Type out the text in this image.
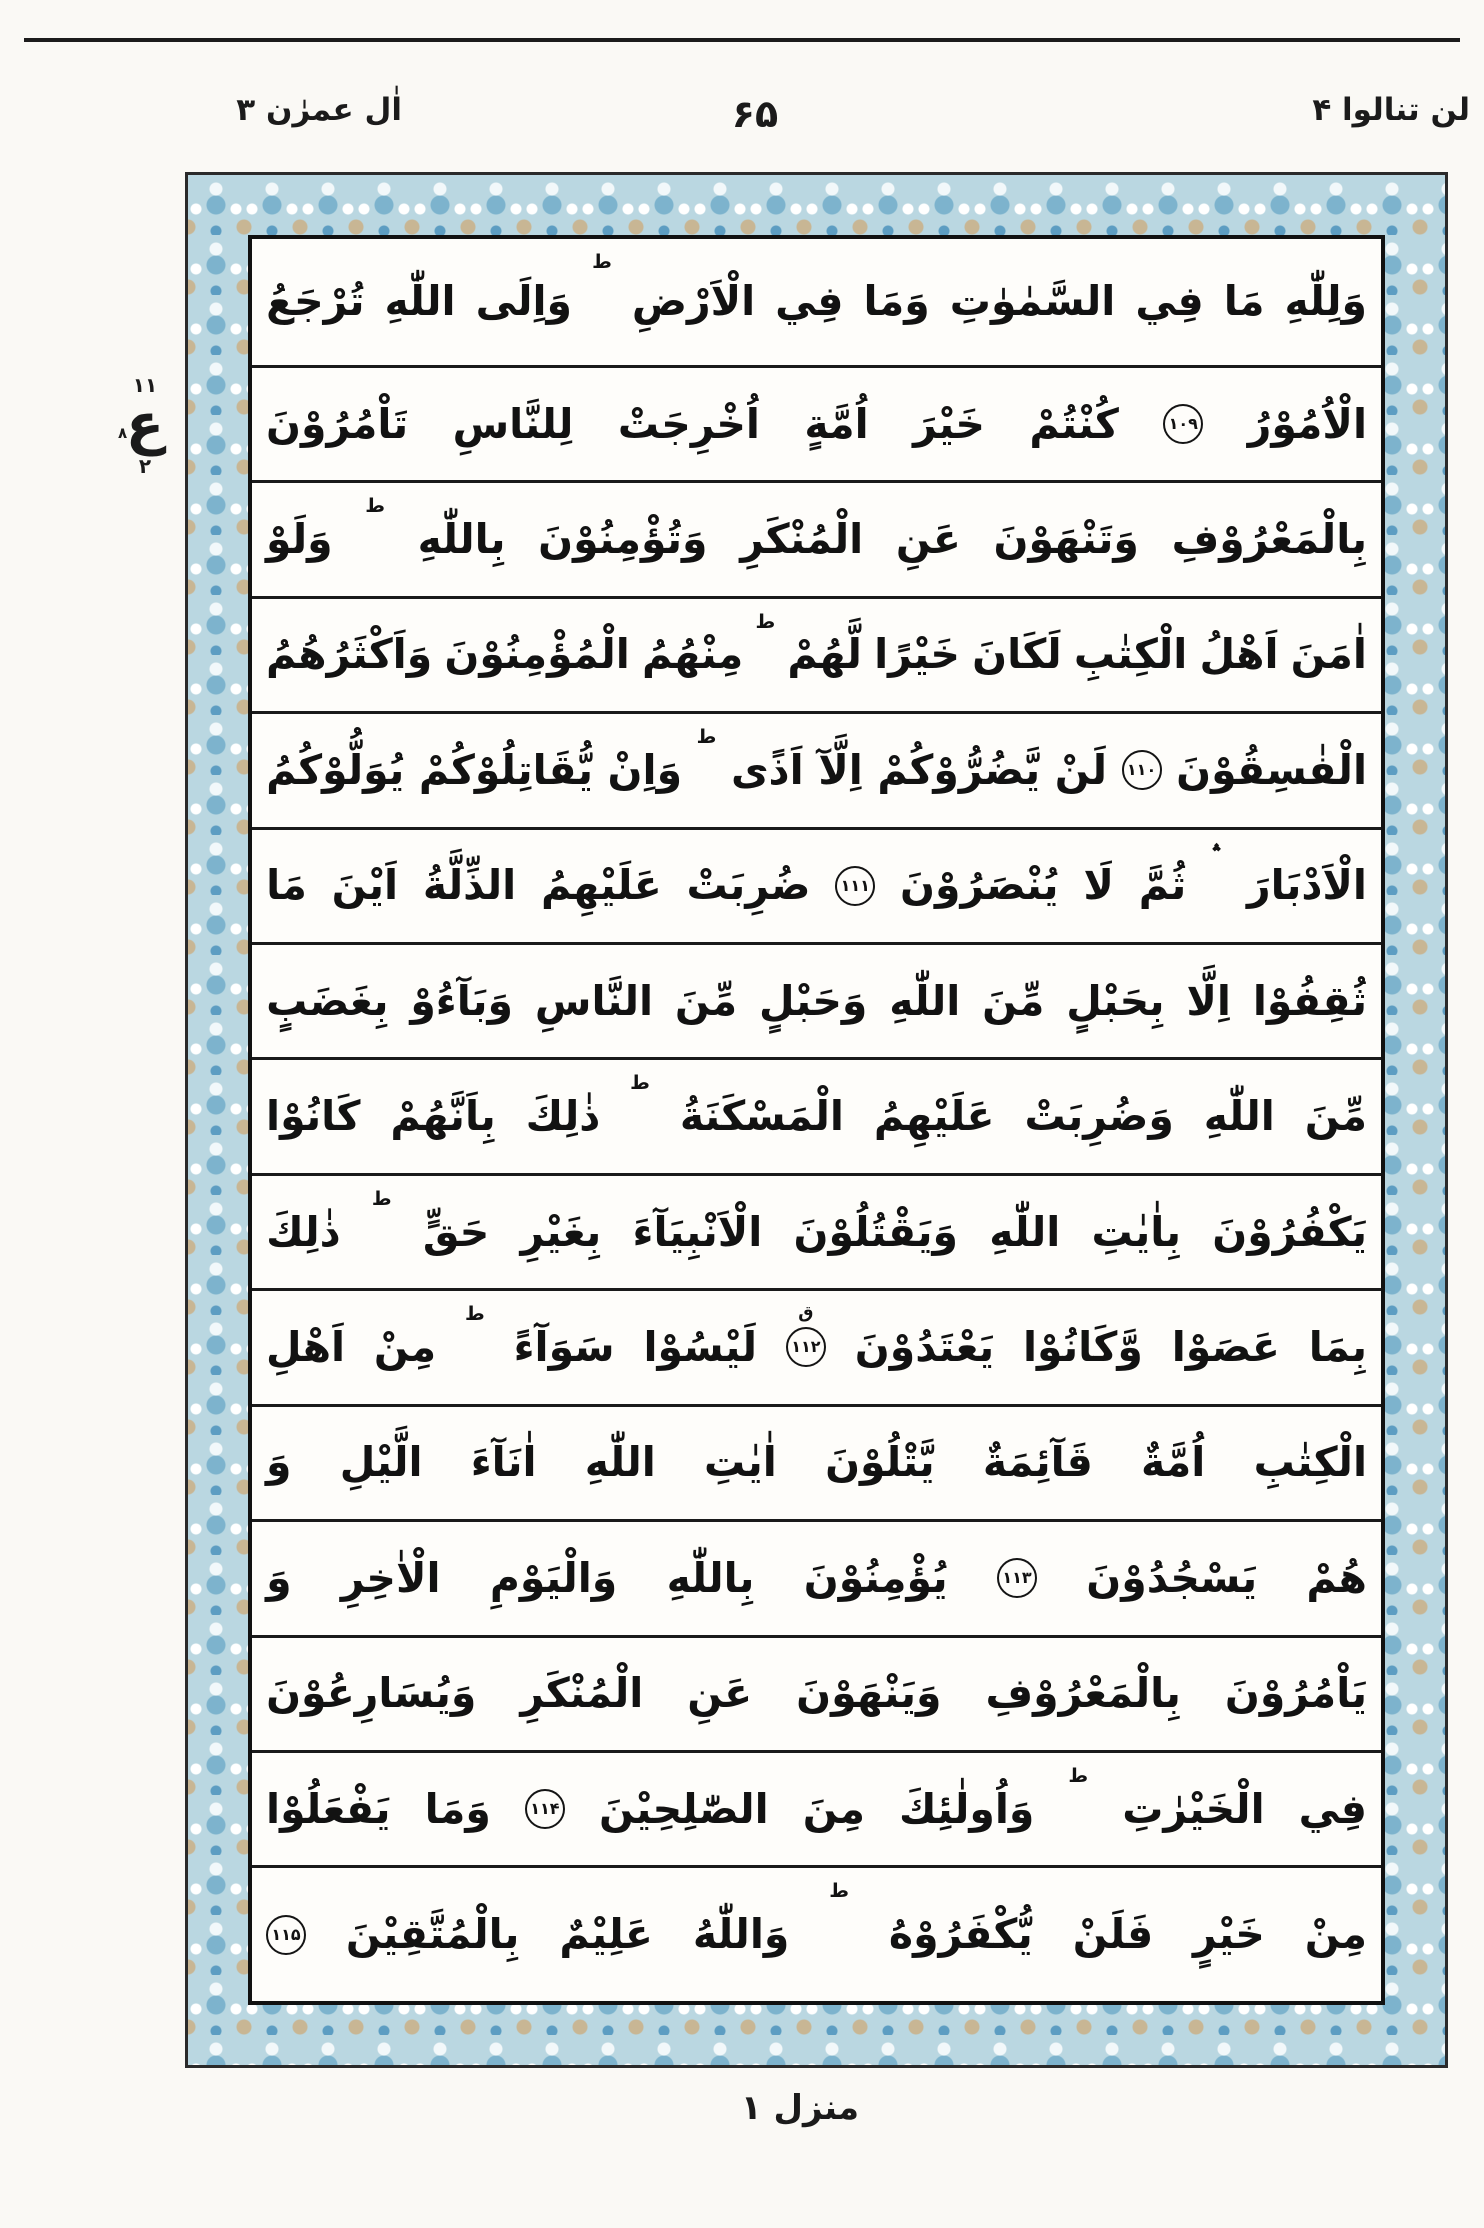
لن تنالوا ۴
۶۵
اٰل عمرٰن ۳
۱۱
ع
۸
۲
وَلِلّٰهِ
مَا
فِي
السَّمٰوٰتِ
وَمَا
فِي
الْاَرْضِ
ط
وَاِلَى
اللّٰهِ
تُرْجَعُ
الْاُمُوْرُ
۱۰۹
كُنْتُمْ
خَيْرَ
اُمَّةٍ
اُخْرِجَتْ
لِلنَّاسِ
تَاْمُرُوْنَ
بِالْمَعْرُوْفِ
وَتَنْهَوْنَ
عَنِ
الْمُنْكَرِ
وَتُؤْمِنُوْنَ
بِاللّٰهِ
ط
وَلَوْ
اٰمَنَ
اَهْلُ
الْكِتٰبِ
لَكَانَ
خَيْرًا
لَّهُمْ
ط
مِنْهُمُ
الْمُؤْمِنُوْنَ
وَاَكْثَرُهُمُ
الْفٰسِقُوْنَ
۱۱۰
لَنْ
يَّضُرُّوْكُمْ
اِلَّآ
اَذًى
ط
وَاِنْ
يُّقَاتِلُوْكُمْ
يُوَلُّوْكُمُ
الْاَدْبَارَ
؞
ثُمَّ
لَا
يُنْصَرُوْنَ
۱۱۱
ضُرِبَتْ
عَلَيْهِمُ
الذِّلَّةُ
اَيْنَ
مَا
ثُقِفُوْا
اِلَّا
بِحَبْلٍ
مِّنَ
اللّٰهِ
وَحَبْلٍ
مِّنَ
النَّاسِ
وَبَآءُوْ
بِغَضَبٍ
مِّنَ
اللّٰهِ
وَضُرِبَتْ
عَلَيْهِمُ
الْمَسْكَنَةُ
ط
ذٰلِكَ
بِاَنَّهُمْ
كَانُوْا
يَكْفُرُوْنَ
بِاٰيٰتِ
اللّٰهِ
وَيَقْتُلُوْنَ
الْاَنْبِيَآءَ
بِغَيْرِ
حَقٍّ
ط
ذٰلِكَ
بِمَا
عَصَوْا
وَّكَانُوْا
يَعْتَدُوْنَ
۱۱۲
ق
لَيْسُوْا
سَوَآءً
ط
مِنْ
اَهْلِ
الْكِتٰبِ
اُمَّةٌ
قَآئِمَةٌ
يَّتْلُوْنَ
اٰيٰتِ
اللّٰهِ
اٰنَآءَ
الَّيْلِ
وَ
هُمْ
يَسْجُدُوْنَ
۱۱۳
يُؤْمِنُوْنَ
بِاللّٰهِ
وَالْيَوْمِ
الْاٰخِرِ
وَ
يَاْمُرُوْنَ
بِالْمَعْرُوْفِ
وَيَنْهَوْنَ
عَنِ
الْمُنْكَرِ
وَيُسَارِعُوْنَ
فِي
الْخَيْرٰتِ
ط
وَاُولٰئِكَ
مِنَ
الصّٰلِحِيْنَ
۱۱۴
وَمَا
يَفْعَلُوْا
مِنْ
خَيْرٍ
فَلَنْ
يُّكْفَرُوْهُ
ط
وَاللّٰهُ
عَلِيْمٌ
بِالْمُتَّقِيْنَ
۱۱۵
منزل ۱
